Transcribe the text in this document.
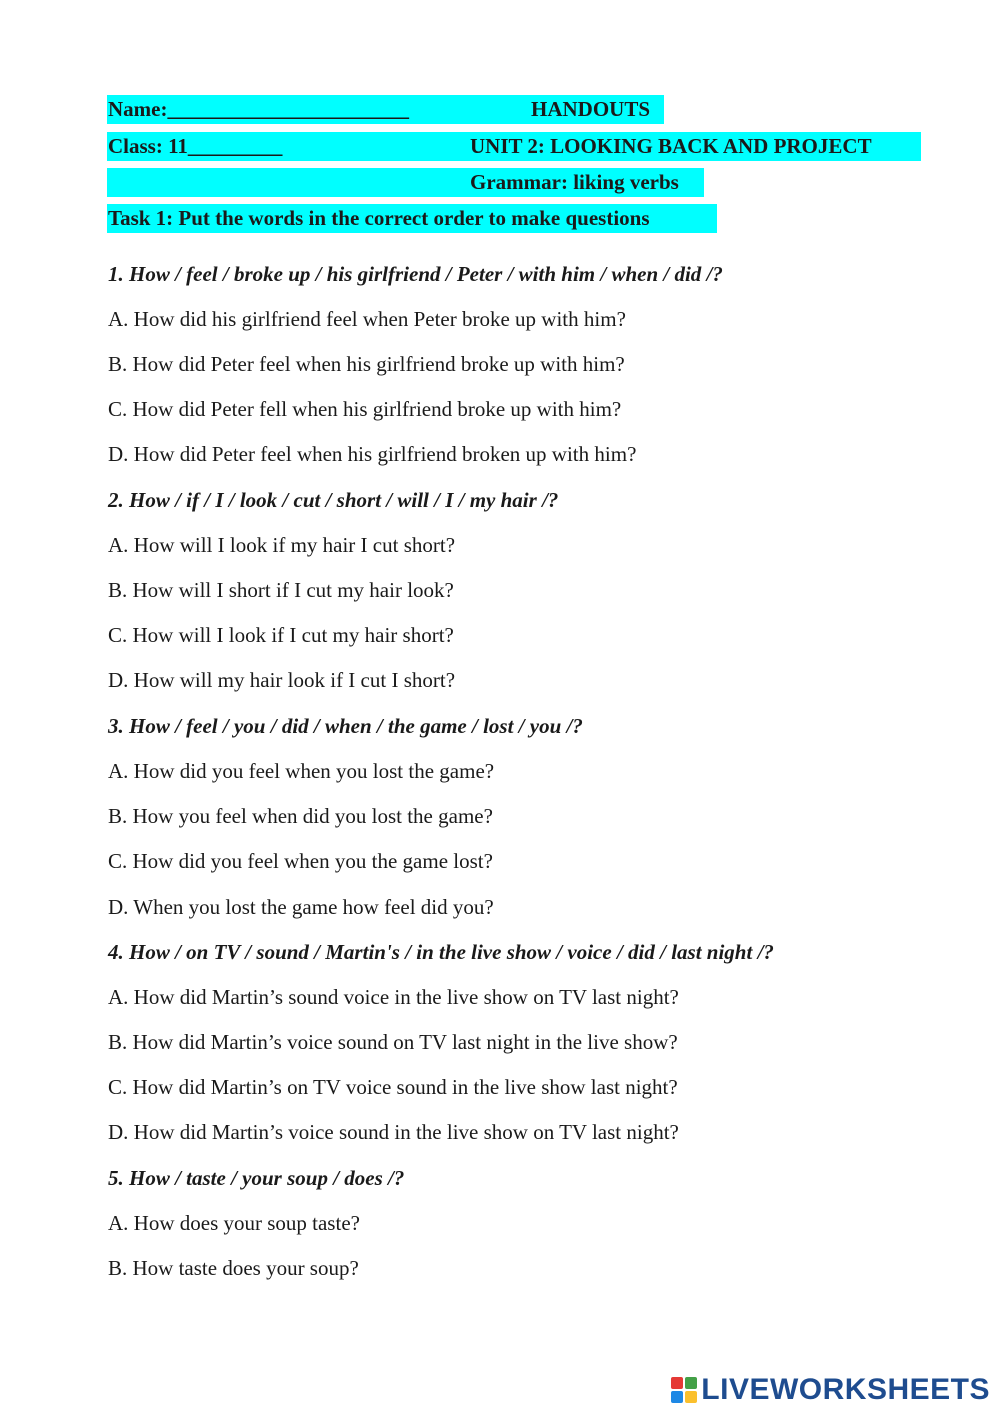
Name:_______________________	HANDOUTS
Class: 11_________	UNIT 2: LOOKING BACK AND PROJECT
Grammar: liking verbs
Task 1: Put the words in the correct order to make questions
1. How / feel / broke up / his girlfriend / Peter / with him / when / did /?
A. How did his girlfriend feel when Peter broke up with him?
B. How did Peter feel when his girlfriend broke up with him?
C. How did Peter fell when his girlfriend broke up with him?
D. How did Peter feel when his girlfriend broken up with him?
2. How / if / I / look / cut / short / will / I / my hair /?
A. How will I look if my hair I cut short?
B. How will I short if I cut my hair look?
C. How will I look if I cut my hair short?
D. How will my hair look if I cut I short?
3. How / feel / you / did / when / the game / lost / you /?
A. How did you feel when you lost the game?
B. How you feel when did you lost the game?
C. How did you feel when you the game lost?
D. When you lost the game how feel did you?
4. How / on TV / sound / Martin's / in the live show / voice / did / last night /?
A. How did Martin’s sound voice in the live show on TV last night?
B. How did Martin’s voice sound on TV last night in the live show?
C. How did Martin’s on TV voice sound in the live show last night?
D. How did Martin’s voice sound in the live show on TV last night?
5. How / taste / your soup / does /?
A. How does your soup taste?
B. How taste does your soup?
LIVEWORKSHEETS
